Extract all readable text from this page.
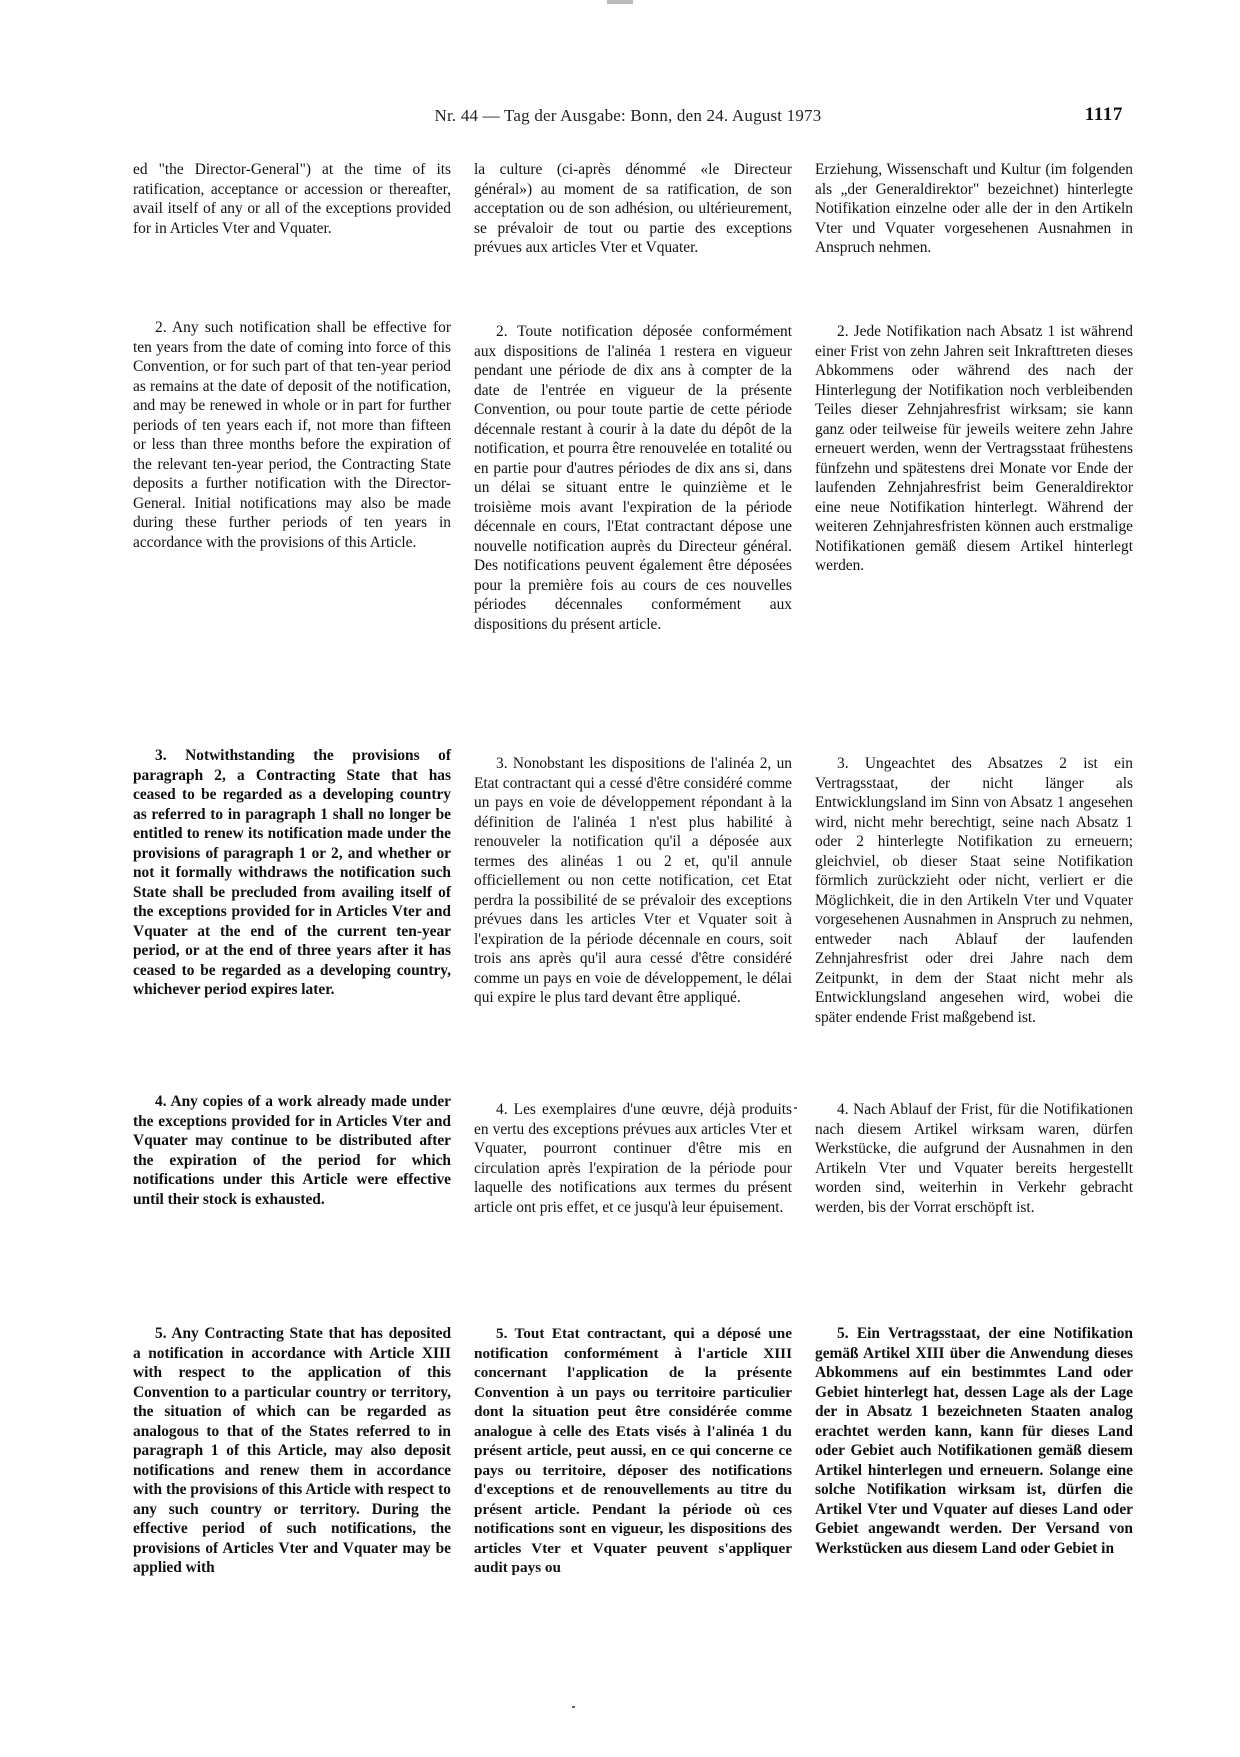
Nr. 44 — Tag der Ausgabe: Bonn, den 24. August 1973	1117

ed "the Director-General") at the time of its ratification, acceptance or accession or thereafter, avail itself of any or all of the exceptions provided for in Articles Vter and Vquater.

2. Any such notification shall be effective for ten years from the date of coming into force of this Convention, or for such part of that ten-year period as remains at the date of deposit of the notification, and may be renewed in whole or in part for further periods of ten years each if, not more than fifteen or less than three months before the expiration of the relevant ten-year period, the Contracting State deposits a further notification with the Director-General. Initial notifications may also be made during these further periods of ten years in accordance with the provisions of this Article.

3. Notwithstanding the provisions of paragraph 2, a Contracting State that has ceased to be regarded as a developing country as referred to in paragraph 1 shall no longer be entitled to renew its notification made under the provisions of paragraph 1 or 2, and whether or not it formally withdraws the notification such State shall be precluded from availing itself of the exceptions provided for in Articles Vter and Vquater at the end of the current ten-year period, or at the end of three years after it has ceased to be regarded as a developing country, whichever period expires later.

4. Any copies of a work already made under the exceptions provided for in Articles Vter and Vquater may continue to be distributed after the expiration of the period for which notifications under this Article were effective until their stock is exhausted.

5. Any Contracting State that has deposited a notification in accordance with Article XIII with respect to the application of this Convention to a particular country or territory, the situation of which can be regarded as analogous to that of the States referred to in paragraph 1 of this Article, may also deposit notifications and renew them in accordance with the provisions of this Article with respect to any such country or territory. During the effective period of such notifications, the provisions of Articles Vter and Vquater may be applied with

la culture (ci-après dénommé «le Directeur général») au moment de sa ratification, de son acceptation ou de son adhésion, ou ultérieurement, se prévaloir de tout ou partie des exceptions prévues aux articles Vter et Vquater.

2. Toute notification déposée conformément aux dispositions de l'alinéa 1 restera en vigueur pendant une période de dix ans à compter de la date de l'entrée en vigueur de la présente Convention, ou pour toute partie de cette période décennale restant à courir à la date du dépôt de la notification, et pourra être renouvelée en totalité ou en partie pour d'autres périodes de dix ans si, dans un délai se situant entre le quinzième et le troisième mois avant l'expiration de la période décennale en cours, l'Etat contractant dépose une nouvelle notification auprès du Directeur général. Des notifications peuvent également être déposées pour la première fois au cours de ces nouvelles périodes décennales conformément aux dispositions du présent article.

3. Nonobstant les dispositions de l'alinéa 2, un Etat contractant qui a cessé d'être considéré comme un pays en voie de développement répondant à la définition de l'alinéa 1 n'est plus habilité à renouveler la notification qu'il a déposée aux termes des alinéas 1 ou 2 et, qu'il annule officiellement ou non cette notification, cet Etat perdra la possibilité de se prévaloir des exceptions prévues dans les articles Vter et Vquater soit à l'expiration de la période décennale en cours, soit trois ans après qu'il aura cessé d'être considéré comme un pays en voie de développement, le délai qui expire le plus tard devant être appliqué.

4. Les exemplaires d'une œuvre, déjà produits en vertu des exceptions prévues aux articles Vter et Vquater, pourront continuer d'être mis en circulation après l'expiration de la période pour laquelle des notifications aux termes du présent article ont pris effet, et ce jusqu'à leur épuisement.

5. Tout Etat contractant, qui a déposé une notification conformément à l'article XIII concernant l'application de la présente Convention à un pays ou territoire particulier dont la situation peut être considérée comme analogue à celle des Etats visés à l'alinéa 1 du présent article, peut aussi, en ce qui concerne ce pays ou territoire, déposer des notifications d'exceptions et de renouvellements au titre du présent article. Pendant la période où ces notifications sont en vigueur, les dispositions des articles Vter et Vquater peuvent s'appliquer audit pays ou

Erziehung, Wissenschaft und Kultur (im folgenden als „der Generaldirektor" bezeichnet) hinterlegte Notifikation einzelne oder alle der in den Artikeln Vter und Vquater vorgesehenen Ausnahmen in Anspruch nehmen.

2. Jede Notifikation nach Absatz 1 ist während einer Frist von zehn Jahren seit Inkrafttreten dieses Abkommens oder während des nach der Hinterlegung der Notifikation noch verbleibenden Teiles dieser Zehnjahresfrist wirksam; sie kann ganz oder teilweise für jeweils weitere zehn Jahre erneuert werden, wenn der Vertragsstaat frühestens fünfzehn und spätestens drei Monate vor Ende der laufenden Zehnjahresfrist beim Generaldirektor eine neue Notifikation hinterlegt. Während der weiteren Zehnjahresfristen können auch erstmalige Notifikationen gemäß diesem Artikel hinterlegt werden.

3. Ungeachtet des Absatzes 2 ist ein Vertragsstaat, der nicht länger als Entwicklungsland im Sinn von Absatz 1 angesehen wird, nicht mehr berechtigt, seine nach Absatz 1 oder 2 hinterlegte Notifikation zu erneuern; gleichviel, ob dieser Staat seine Notifikation förmlich zurückzieht oder nicht, verliert er die Möglichkeit, die in den Artikeln Vter und Vquater vorgesehenen Ausnahmen in Anspruch zu nehmen, entweder nach Ablauf der laufenden Zehnjahresfrist oder drei Jahre nach dem Zeitpunkt, in dem der Staat nicht mehr als Entwicklungsland angesehen wird, wobei die später endende Frist maßgebend ist.

4. Nach Ablauf der Frist, für die Notifikationen nach diesem Artikel wirksam waren, dürfen Werkstücke, die aufgrund der Ausnahmen in den Artikeln Vter und Vquater bereits hergestellt worden sind, weiterhin in Verkehr gebracht werden, bis der Vorrat erschöpft ist.

5. Ein Vertragsstaat, der eine Notifikation gemäß Artikel XIII über die Anwendung dieses Abkommens auf ein bestimmtes Land oder Gebiet hinterlegt hat, dessen Lage als der Lage der in Absatz 1 bezeichneten Staaten analog erachtet werden kann, kann für dieses Land oder Gebiet auch Notifikationen gemäß diesem Artikel hinterlegen und erneuern. Solange eine solche Notifikation wirksam ist, dürfen die Artikel Vter und Vquater auf dieses Land oder Gebiet angewandt werden. Der Versand von Werkstücken aus diesem Land oder Gebiet in
